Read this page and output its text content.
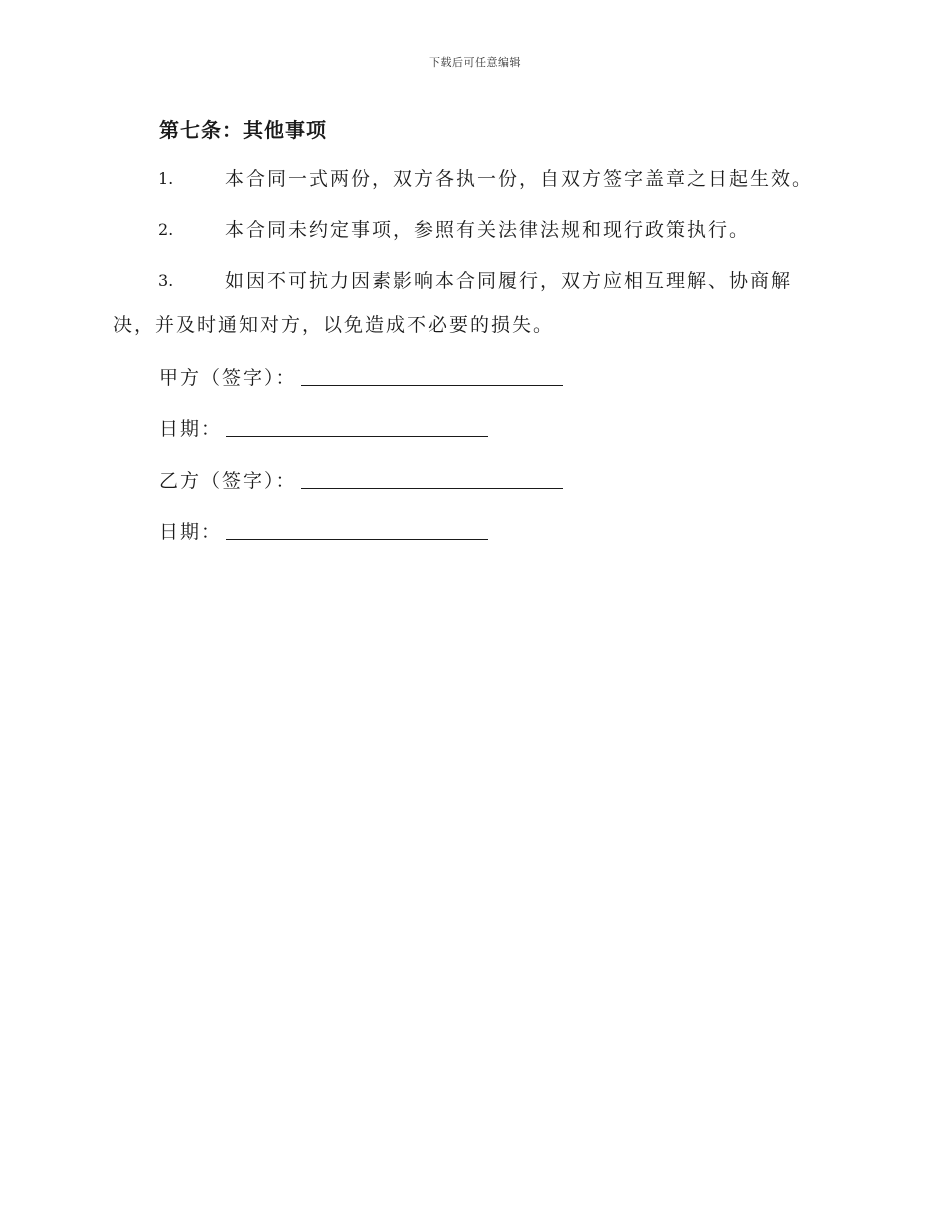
下载后可任意编辑
第七条：其他事项
1.	本合同一式两份，双方各执一份，自双方签字盖章之日起生效。
2.	本合同未约定事项，参照有关法律法规和现行政策执行。
3.	如因不可抗力因素影响本合同履行，双方应相互理解、协商解
决，并及时通知对方，以免造成不必要的损失。
甲方（签字）：
日期：
乙方（签字）：
日期：
